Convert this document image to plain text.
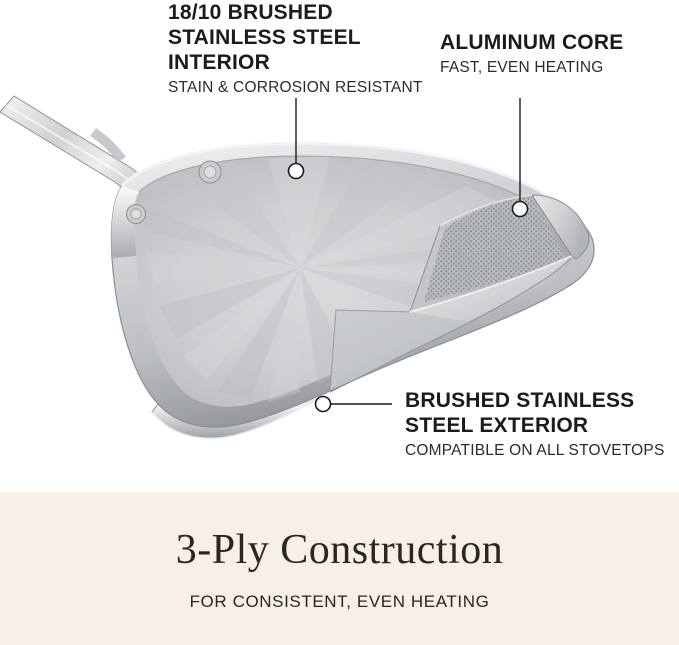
18/10 BRUSHED STAINLESS STEEL INTERIOR

STAIN & CORROSION RESISTANT

ALUMINUM CORE

FAST, EVEN HEATING

BRUSHED STAINLESS STEEL EXTERIOR

COMPATIBLE ON ALL STOVETOPS

3-Ply Construction

FOR CONSISTENT, EVEN HEATING
